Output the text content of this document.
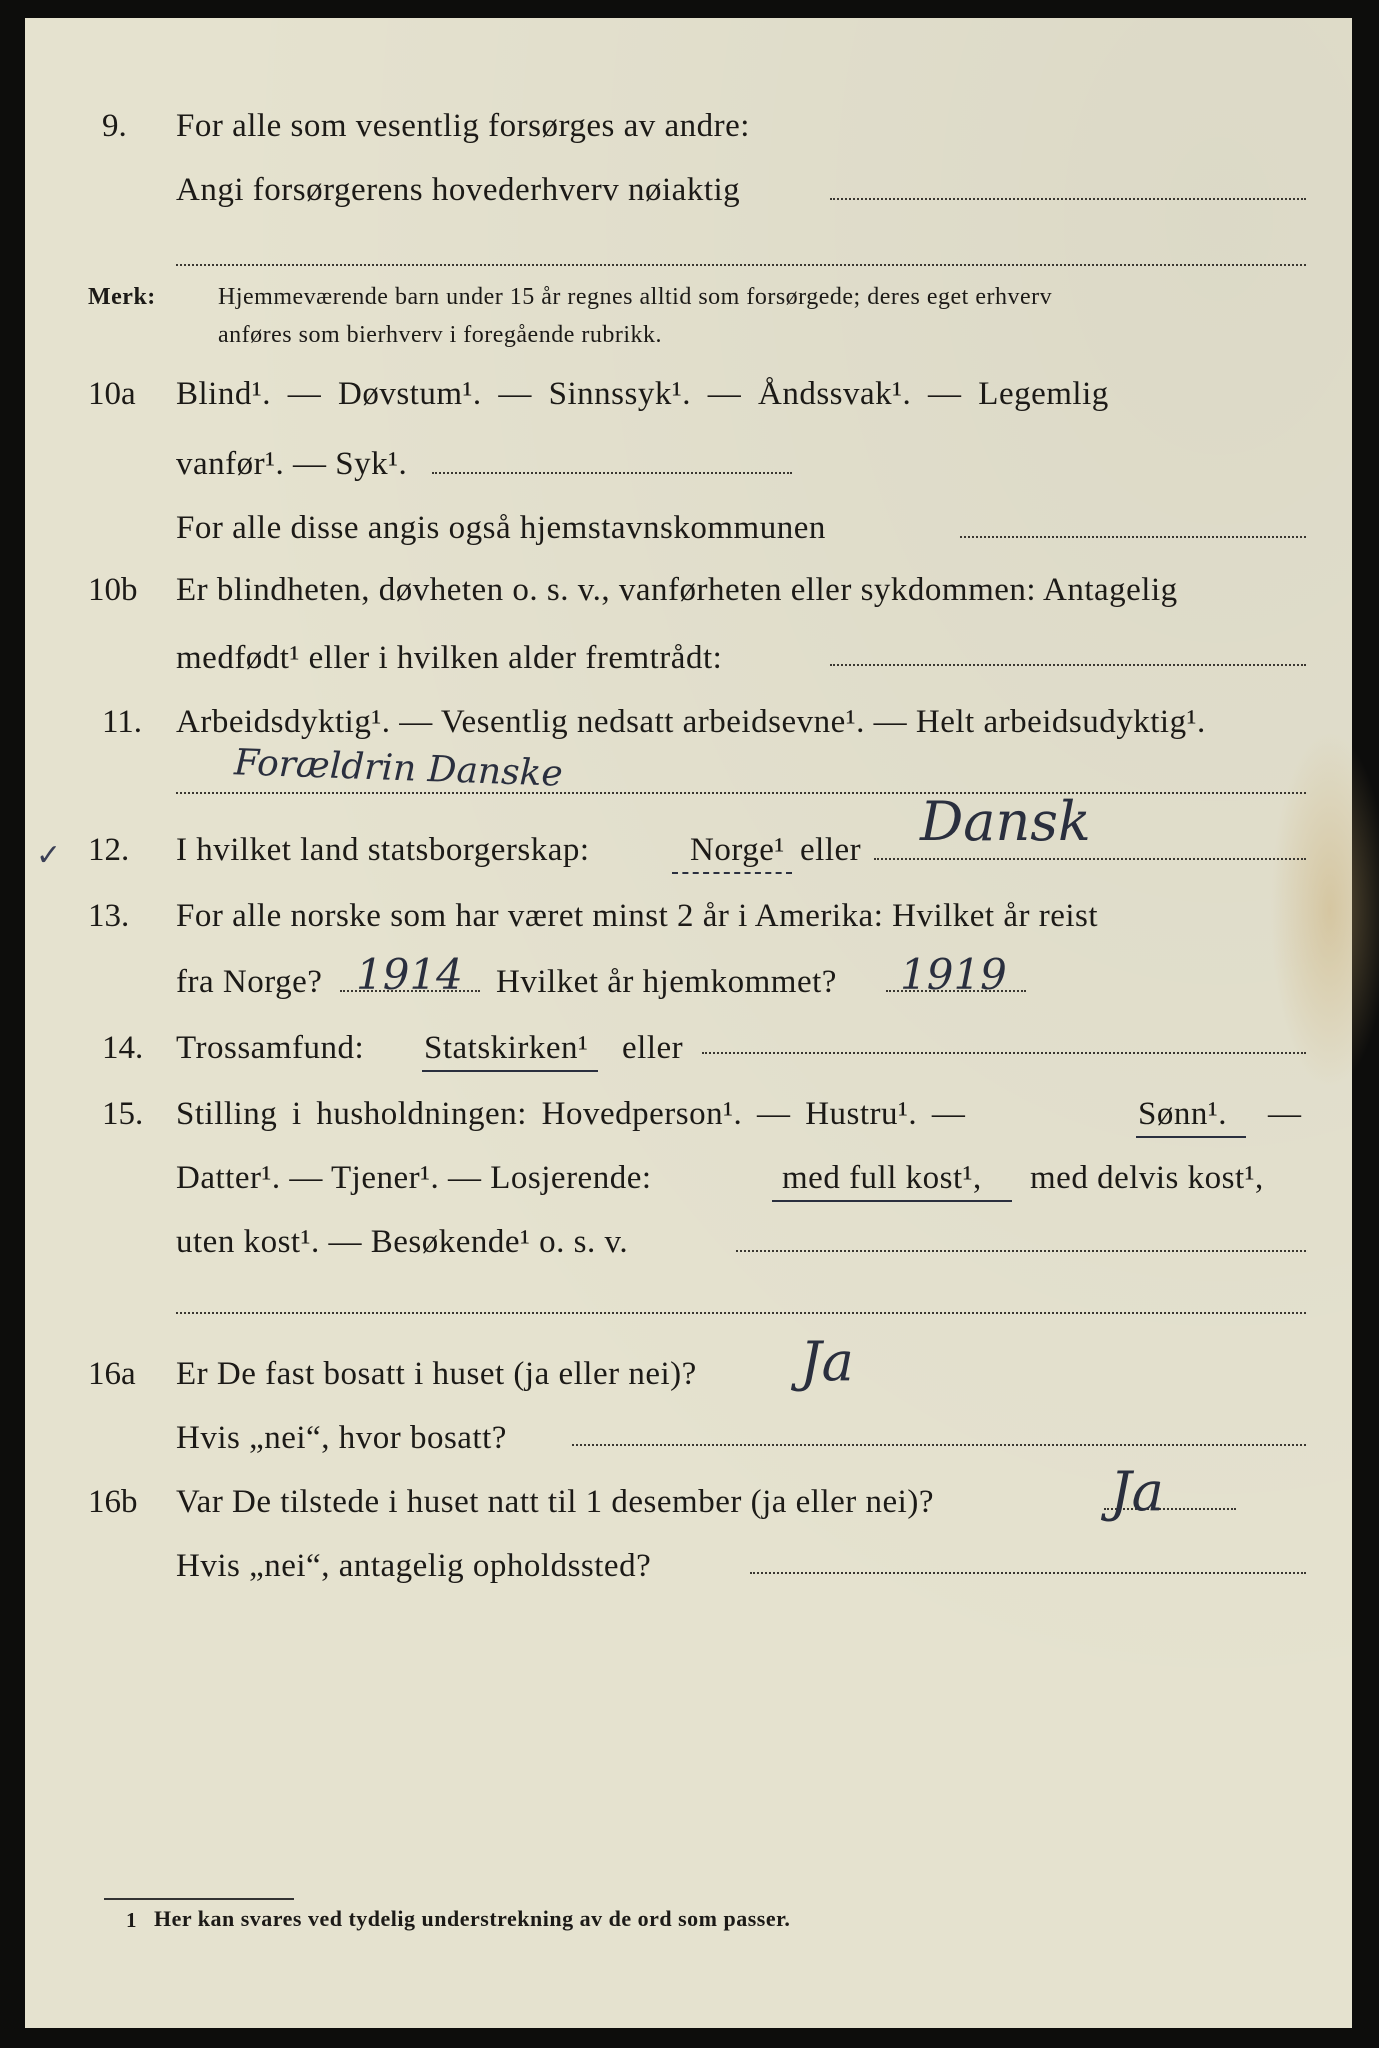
9. For alle som vesentlig forsørges av andre:
Angi forsørgerens hovederhverv nøiaktig
Merk:	Hjemmeværende barn under 15 år regnes alltid som forsørgede; deres eget erhverv
anføres som bierhverv i foregående rubrikk.
10a Blind¹. — Døvstum¹. — Sinnssyk¹. — Åndssvak¹. — Legemlig
vanfør¹. — Syk¹.
For alle disse angis også hjemstavnskommunen
10b Er blindheten, døvheten o. s. v., vanførheten eller sykdommen: Antagelig
medfødt¹ eller i hvilken alder fremtrådt:
11. Arbeidsdyktig¹. — Vesentlig nedsatt arbeidsevne¹. — Helt arbeidsudyktig¹.
Forældrin Danske
✓ 12. I hvilket land statsborgerskap:	Norge¹ eller Dansk
13. For alle norske som har været minst 2 år i Amerika: Hvilket år reist
fra Norge? 1914 Hvilket år hjemkommet? 1919
14. Trossamfund: Statskirken¹ eller
15. Stilling i husholdningen: Hovedperson¹. — Hustru¹. —	Sønn¹. —
Datter¹. — Tjener¹. — Losjerende:	med full kost¹, med delvis kost¹,
uten kost¹. — Besøkende¹ o. s. v.
16a Er De fast bosatt i huset (ja eller nei)? Ja
Hvis „nei“, hvor bosatt?
16b Var De tilstede i huset natt til 1 desember (ja eller nei)?	Ja
Hvis „nei“, antagelig opholdssted?
1 Her kan svares ved tydelig understrekning av de ord som passer.
